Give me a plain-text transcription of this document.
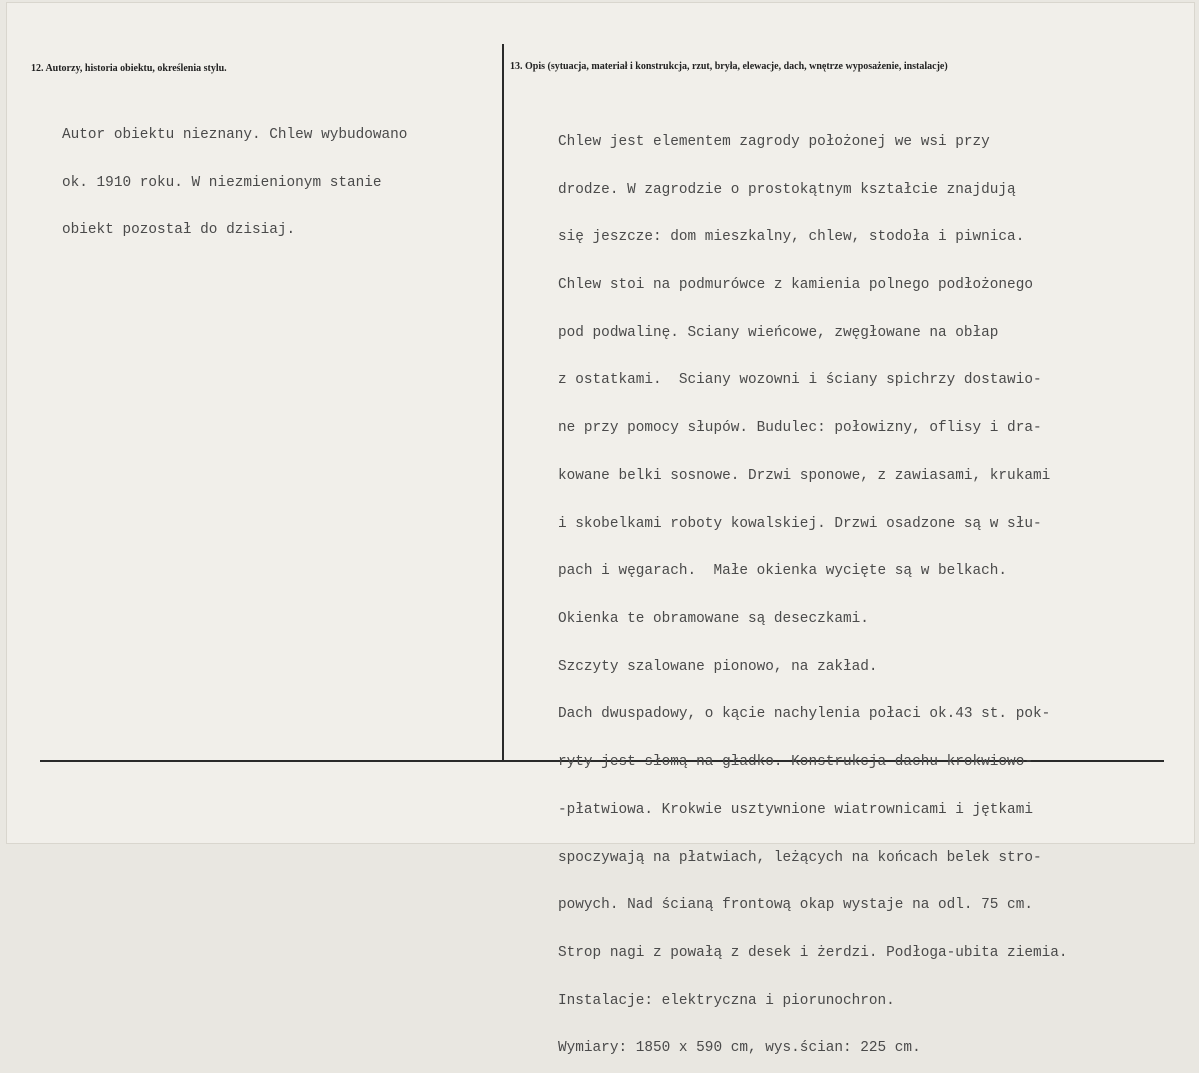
12. Autorzy, historia obiektu, określenia stylu.	13. Opis (sytuacja, materiał i konstrukcja, rzut, bryła, elewacje, dach, wnętrze wyposażenie, instalacje)

Autor obiektu nieznany. Chlew wybudowano

ok. 1910 roku. W niezmienionym stanie

obiekt pozostał do dzisiaj.

Chlew jest elementem zagrody położonej we wsi przy

drodze. W zagrodzie o prostokątnym kształcie znajdują

się jeszcze: dom mieszkalny, chlew, stodoła i piwnica.

Chlew stoi na podmurówce z kamienia polnego podłożonego

pod podwalinę. Sciany wieńcowe, zwęgłowane na obłap

z ostatkami.  Sciany wozowni i ściany spichrzy dostawio-

ne przy pomocy słupów. Budulec: połowizny, oflisy i dra-

kowane belki sosnowe. Drzwi sponowe, z zawiasami, krukami

i skobelkami roboty kowalskiej. Drzwi osadzone są w słu-

pach i węgarach.  Małe okienka wycięte są w belkach.

Okienka te obramowane są deseczkami.

Szczyty szalowane pionowo, na zakład.

Dach dwuspadowy, o kącie nachylenia połaci ok.43 st. pok-

ryty jest słomą na gładko. Konstrukcja dachu krokwiowo-

-płatwiowa. Krokwie usztywnione wiatrownicami i jętkami

spoczywają na płatwiach, leżących na końcach belek stro-

powych. Nad ścianą frontową okap wystaje na odl. 75 cm.

Strop nagi z powałą z desek i żerdzi. Podłoga-ubita ziemia.

Instalacje: elektryczna i piorunochron.

Wymiary: 1850 x 590 cm, wys.ścian: 225 cm.
